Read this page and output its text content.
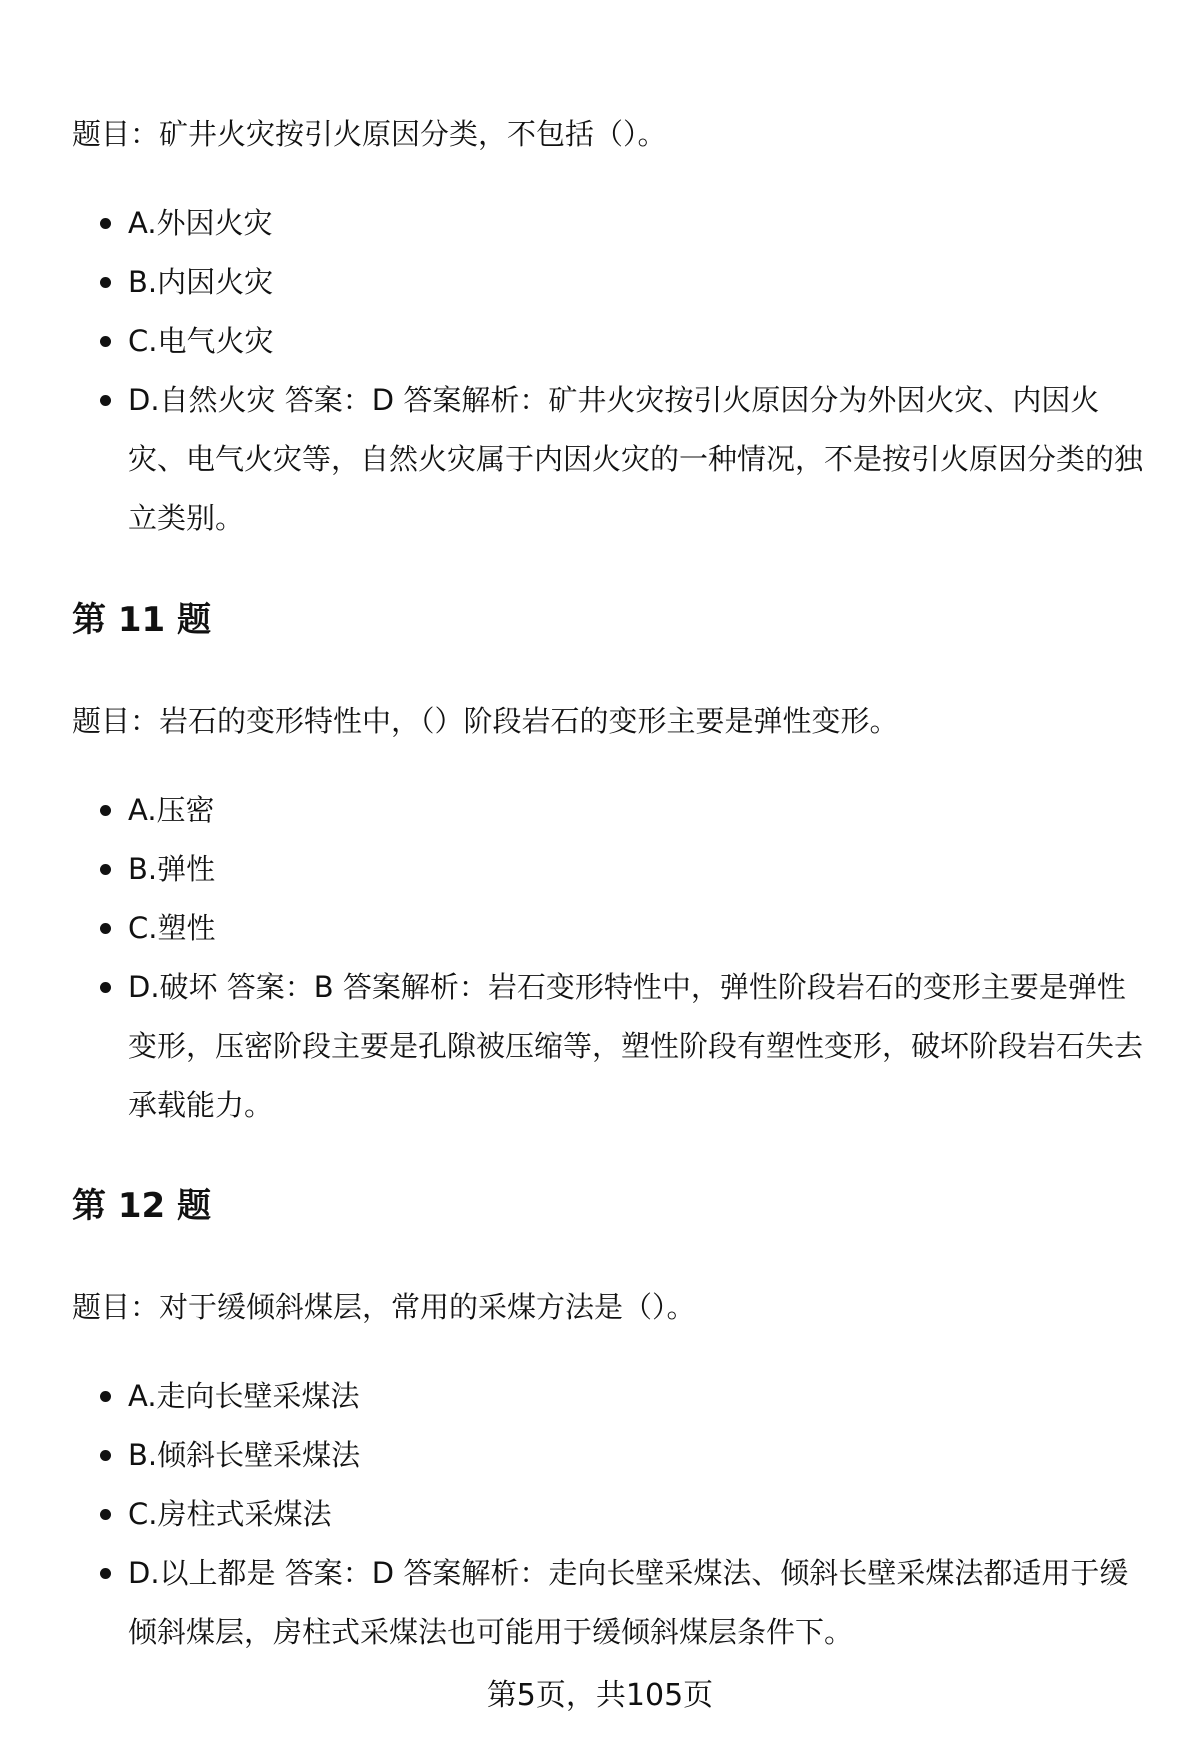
题目：矿井火灾按引火原因分类，不包括（）。

A.外因火灾
B.内因火灾
C.电气火灾
D.自然火灾 答案：D 答案解析：矿井火灾按引火原因分为外因火灾、内因火灾、电气火灾等，自然火灾属于内因火灾的一种情况，不是按引火原因分类的独立类别。
第 11 题

题目：岩石的变形特性中，（）阶段岩石的变形主要是弹性变形。

A.压密
B.弹性
C.塑性
D.破坏 答案：B 答案解析：岩石变形特性中，弹性阶段岩石的变形主要是弹性变形，压密阶段主要是孔隙被压缩等，塑性阶段有塑性变形，破坏阶段岩石失去承载能力。
第 12 题

题目：对于缓倾斜煤层，常用的采煤方法是（）。

A.走向长壁采煤法
B.倾斜长壁采煤法
C.房柱式采煤法
D.以上都是 答案：D 答案解析：走向长壁采煤法、倾斜长壁采煤法都适用于缓倾斜煤层，房柱式采煤法也可能用于缓倾斜煤层条件下。
第5页，共105页
